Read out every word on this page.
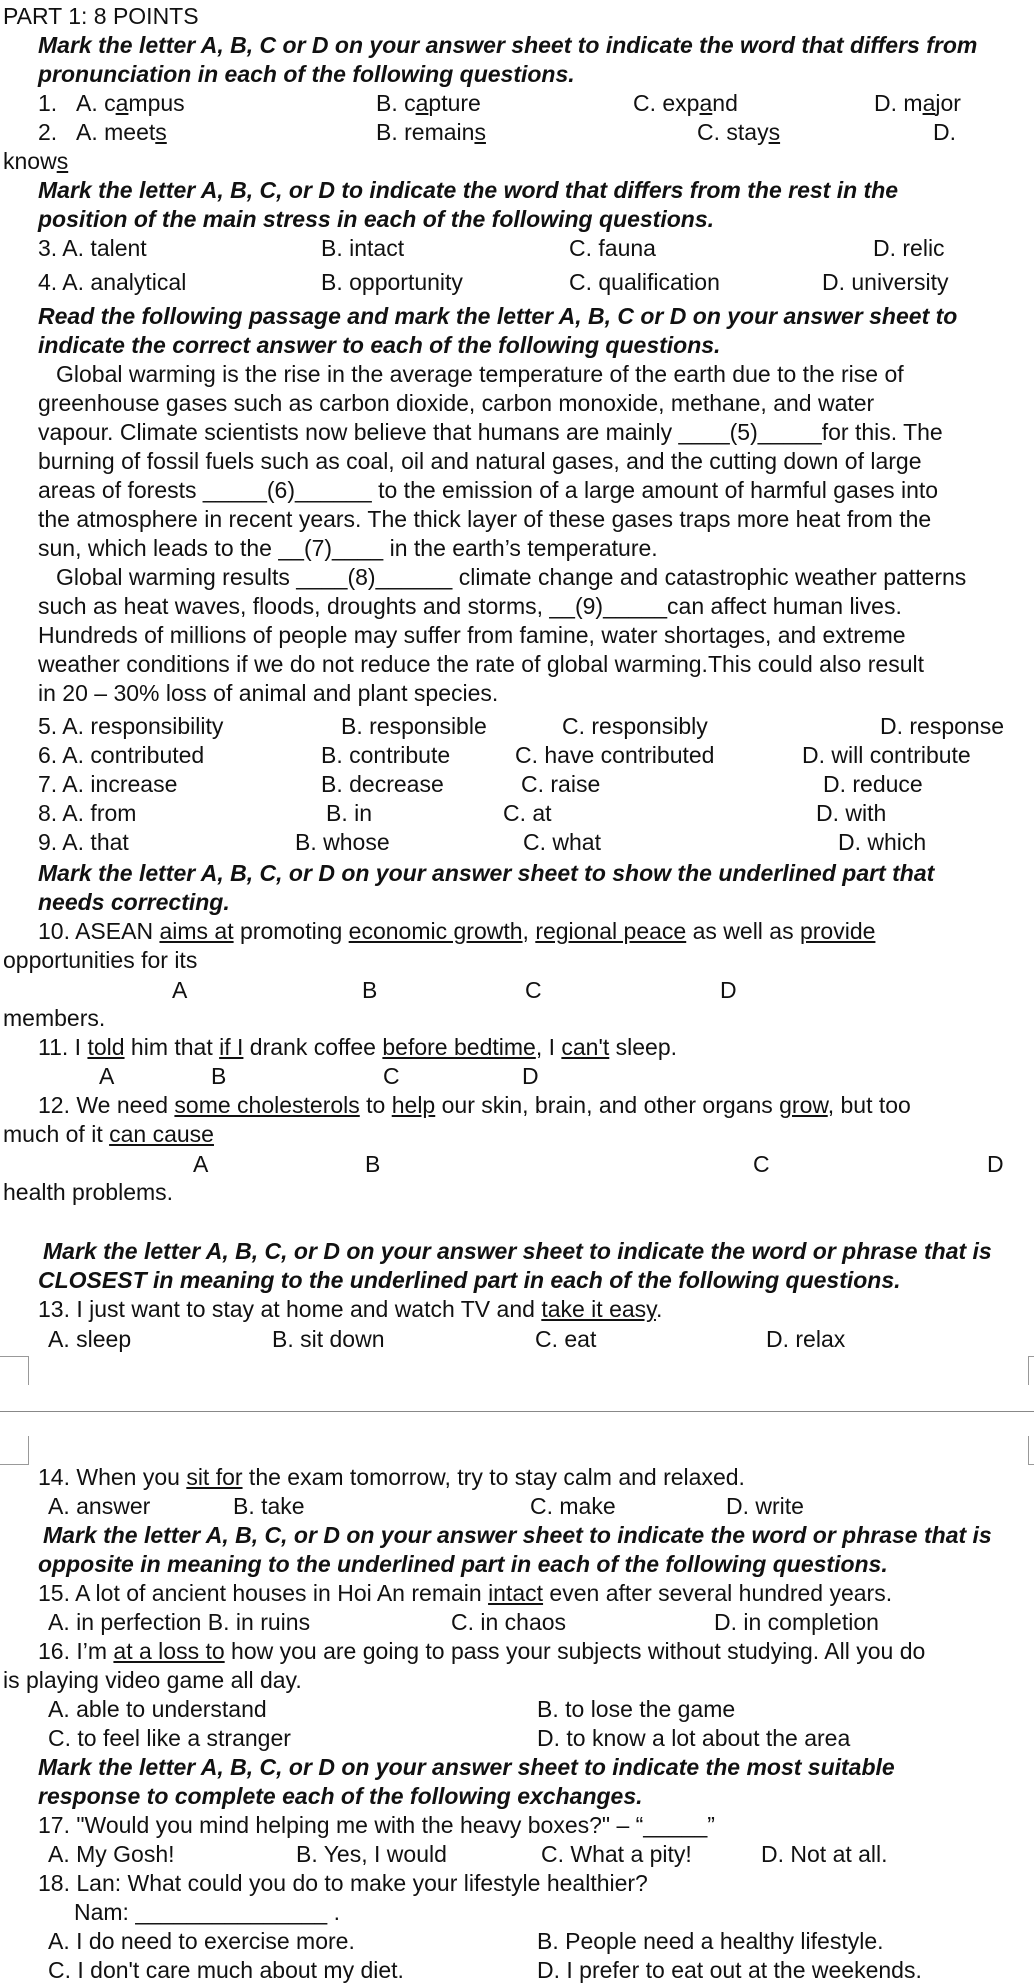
PART 1: 8 POINTS
Mark the letter A, B, C or D on your answer sheet to indicate the word that differs from
pronunciation in each of the following questions.
1. A. campus	B. capture	C. expand	D. major
2. A. meets	B. remains	C. stays	D.
knows
Mark the letter A, B, C, or D to indicate the word that differs from the rest in the
position of the main stress in each of the following questions.
3. A. talent	B. intact	C. fauna	D. relic
4. A. analytical	B. opportunity	C. qualification	D. university
Read the following passage and mark the letter A, B, C or D on your answer sheet to
indicate the correct answer to each of the following questions.
Global warming is the rise in the average temperature of the earth due to the rise of
greenhouse gases such as carbon dioxide, carbon monoxide, methane, and water
vapour. Climate scientists now believe that humans are mainly ____(5)_____for this. The
burning of fossil fuels such as coal, oil and natural gases, and the cutting down of large
areas of forests _____(6)______ to the emission of a large amount of harmful gases into
the atmosphere in recent years. The thick layer of these gases traps more heat from the
sun, which leads to the __(7)____ in the earth’s temperature.
Global warming results ____(8)______ climate change and catastrophic weather patterns
such as heat waves, floods, droughts and storms, __(9)_____can affect human lives.
Hundreds of millions of people may suffer from famine, water shortages, and extreme
weather conditions if we do not reduce the rate of global warming.This could also result
in 20 – 30% loss of animal and plant species.
5. A. responsibility	B. responsible	C. responsibly	D. response
6. A. contributed	B. contribute	C. have contributed	D. will contribute
7. A. increase	B. decrease	C. raise	D. reduce
8. A. from	B. in	C. at	D. with
9. A. that	B. whose	C. what	D. which
Mark the letter A, B, C, or D on your answer sheet to show the underlined part that
needs correcting.
10. ASEAN aims at promoting economic growth, regional peace as well as provide
opportunities for its
A	B	C	D
members.
11. I told him that if I drank coffee before bedtime, I can't sleep.
A	B	C	D
12. We need some cholesterols to help our skin, brain, and other organs grow, but too
much of it can cause
A	B	C	D
health problems.
Mark the letter A, B, C, or D on your answer sheet to indicate the word or phrase that is
CLOSEST in meaning to the underlined part in each of the following questions.
13. I just want to stay at home and watch TV and take it easy.
A. sleep	B. sit down	C. eat	D. relax
14. When you sit for the exam tomorrow, try to stay calm and relaxed.
A. answer	B. take	C. make	D. write
Mark the letter A, B, C, or D on your answer sheet to indicate the word or phrase that is
opposite in meaning to the underlined part in each of the following questions.
15. A lot of ancient houses in Hoi An remain intact even after several hundred years.
A. in perfection B. in ruins	C. in chaos	D. in completion
16. I’m at a loss to how you are going to pass your subjects without studying. All you do
is playing video game all day.
A. able to understand	B. to lose the game
C. to feel like a stranger	D. to know a lot about the area
Mark the letter A, B, C, or D on your answer sheet to indicate the most suitable
response to complete each of the following exchanges.
17. "Would you mind helping me with the heavy boxes?" – “_____”
A. My Gosh!	B. Yes, I would	C. What a pity!	D. Not at all.
18. Lan: What could you do to make your lifestyle healthier?
Nam: _______________ .
A. I do need to exercise more.	B. People need a healthy lifestyle.
C. I don't care much about my diet.	D. I prefer to eat out at the weekends.
